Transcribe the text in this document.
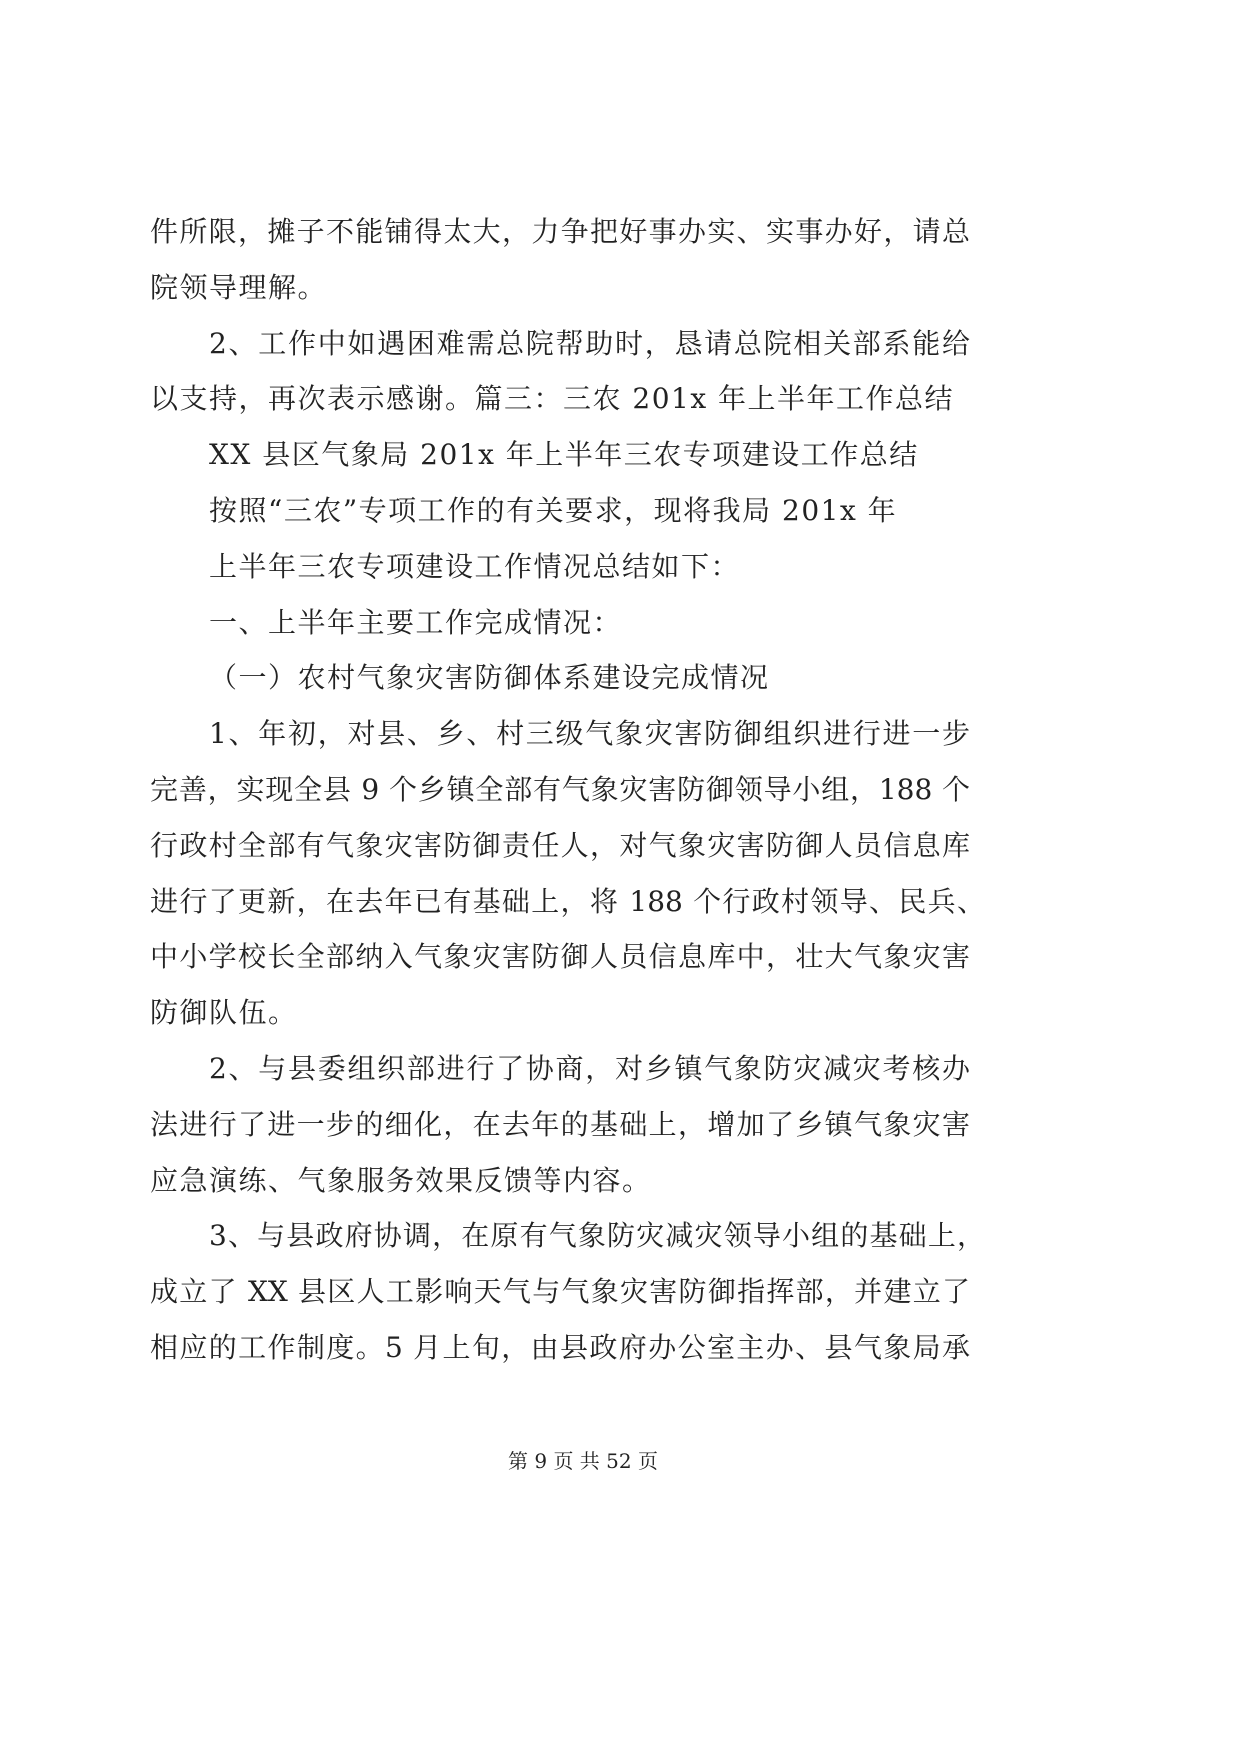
件所限，摊子不能铺得太大，力争把好事办实、实事办好，请总
院领导理解。
2、工作中如遇困难需总院帮助时，恳请总院相关部系能给
以支持，再次表示感谢。篇三：三农 201x 年上半年工作总结
XX 县区气象局 201x 年上半年三农专项建设工作总结
按照“三农”专项工作的有关要求，现将我局 201x 年
上半年三农专项建设工作情况总结如下：
一、上半年主要工作完成情况：
（一）农村气象灾害防御体系建设完成情况
1、年初，对县、乡、村三级气象灾害防御组织进行进一步
完善，实现全县 9 个乡镇全部有气象灾害防御领导小组，188 个
行政村全部有气象灾害防御责任人，对气象灾害防御人员信息库
进行了更新，在去年已有基础上，将 188 个行政村领导、民兵、
中小学校长全部纳入气象灾害防御人员信息库中，壮大气象灾害
防御队伍。
2、与县委组织部进行了协商，对乡镇气象防灾减灾考核办
法进行了进一步的细化，在去年的基础上，增加了乡镇气象灾害
应急演练、气象服务效果反馈等内容。
3、与县政府协调，在原有气象防灾减灾领导小组的基础上，
成立了 XX 县区人工影响天气与气象灾害防御指挥部，并建立了
相应的工作制度。5 月上旬，由县政府办公室主办、县气象局承
第 9 页 共 52 页
